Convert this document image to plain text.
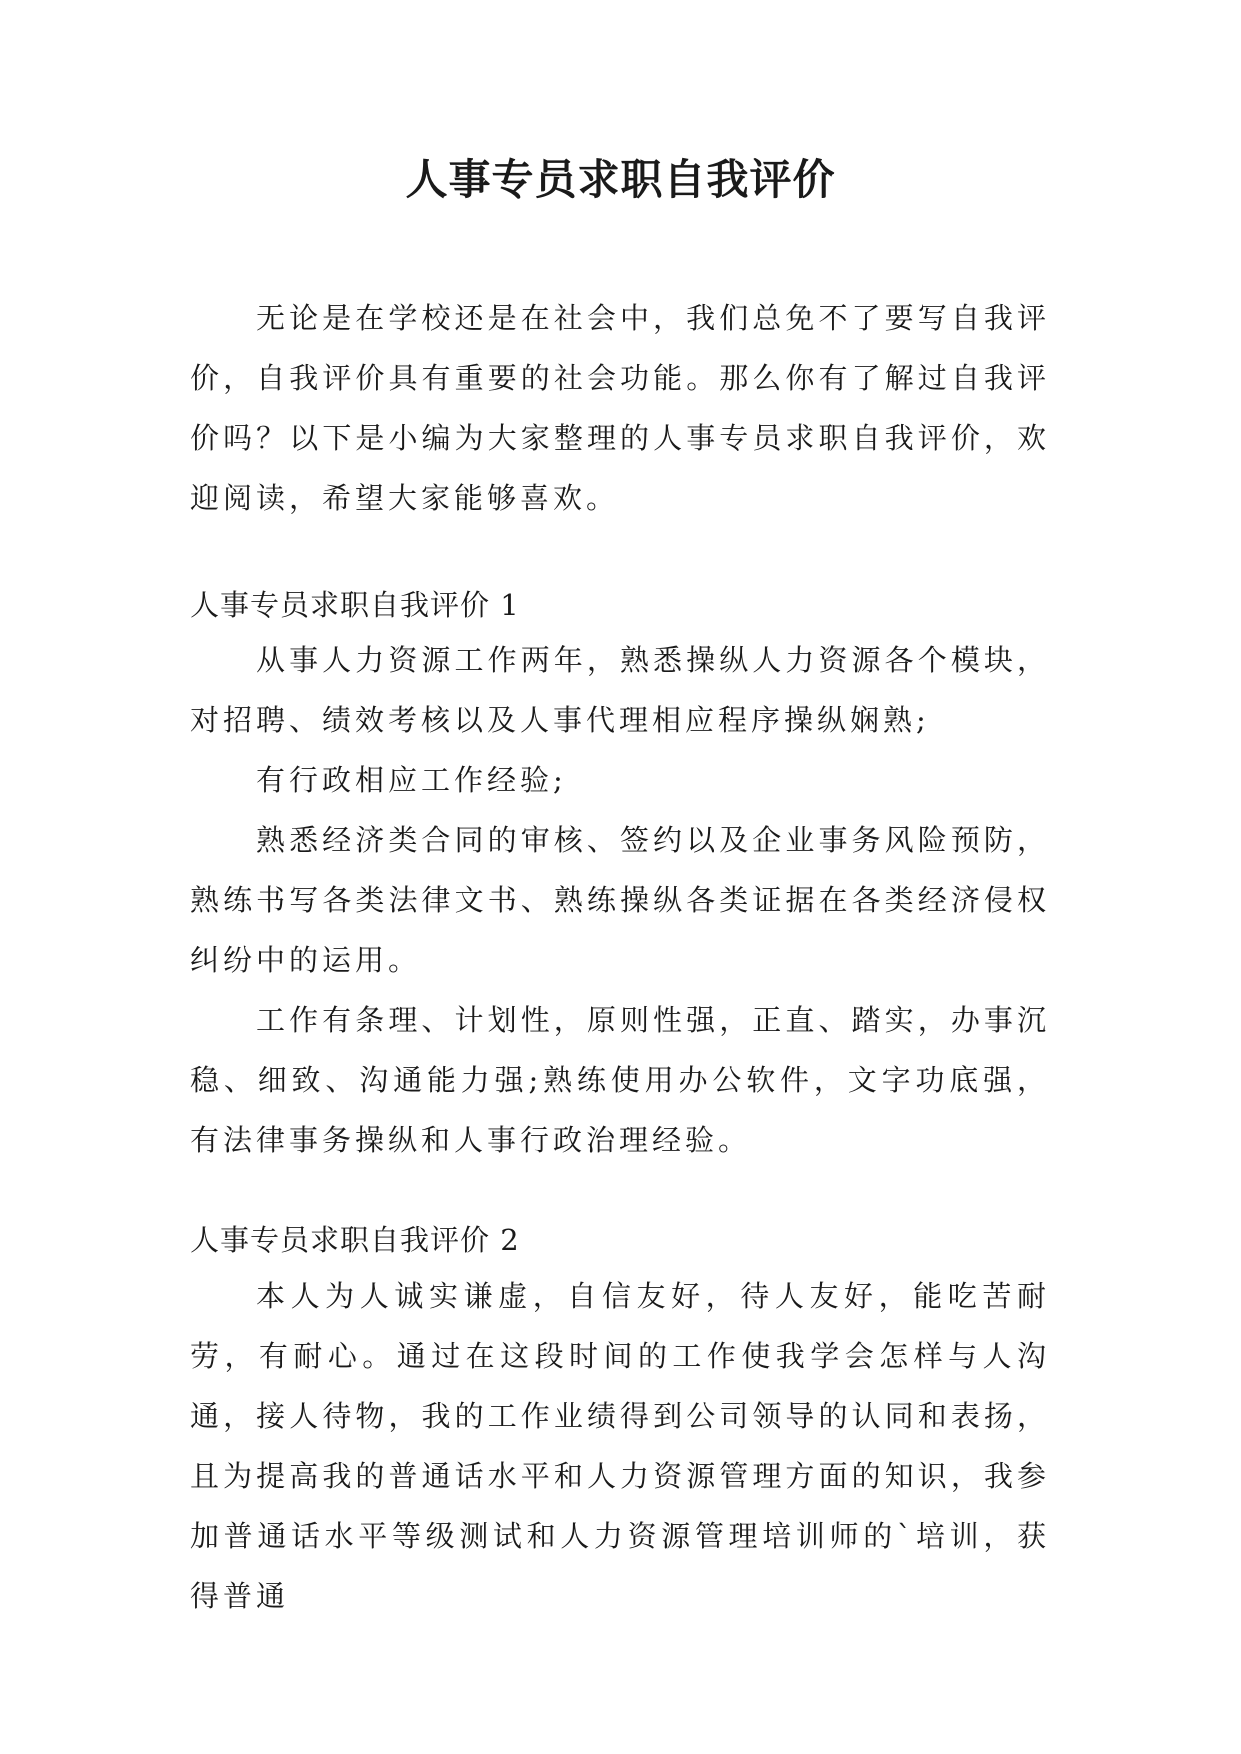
人事专员求职自我评价

无论是在学校还是在社会中，我们总免不了要写自我评价，自我评价具有重要的社会功能。那么你有了解过自我评价吗？以下是小编为大家整理的人事专员求职自我评价，欢迎阅读，希望大家能够喜欢。

人事专员求职自我评价 1

从事人力资源工作两年，熟悉操纵人力资源各个模块，对招聘、绩效考核以及人事代理相应程序操纵娴熟;

有行政相应工作经验;

熟悉经济类合同的审核、签约以及企业事务风险预防，熟练书写各类法律文书、熟练操纵各类证据在各类经济侵权纠纷中的运用。

工作有条理、计划性，原则性强，正直、踏实，办事沉稳、细致、沟通能力强;熟练使用办公软件，文字功底强，有法律事务操纵和人事行政治理经验。

人事专员求职自我评价 2

本人为人诚实谦虚，自信友好，待人友好，能吃苦耐劳，有耐心。通过在这段时间的工作使我学会怎样与人沟通，接人待物，我的工作业绩得到公司领导的认同和表扬，且为提高我的普通话水平和人力资源管理方面的知识，我参加普通话水平等级测试和人力资源管理培训师的`培训，获得普通
